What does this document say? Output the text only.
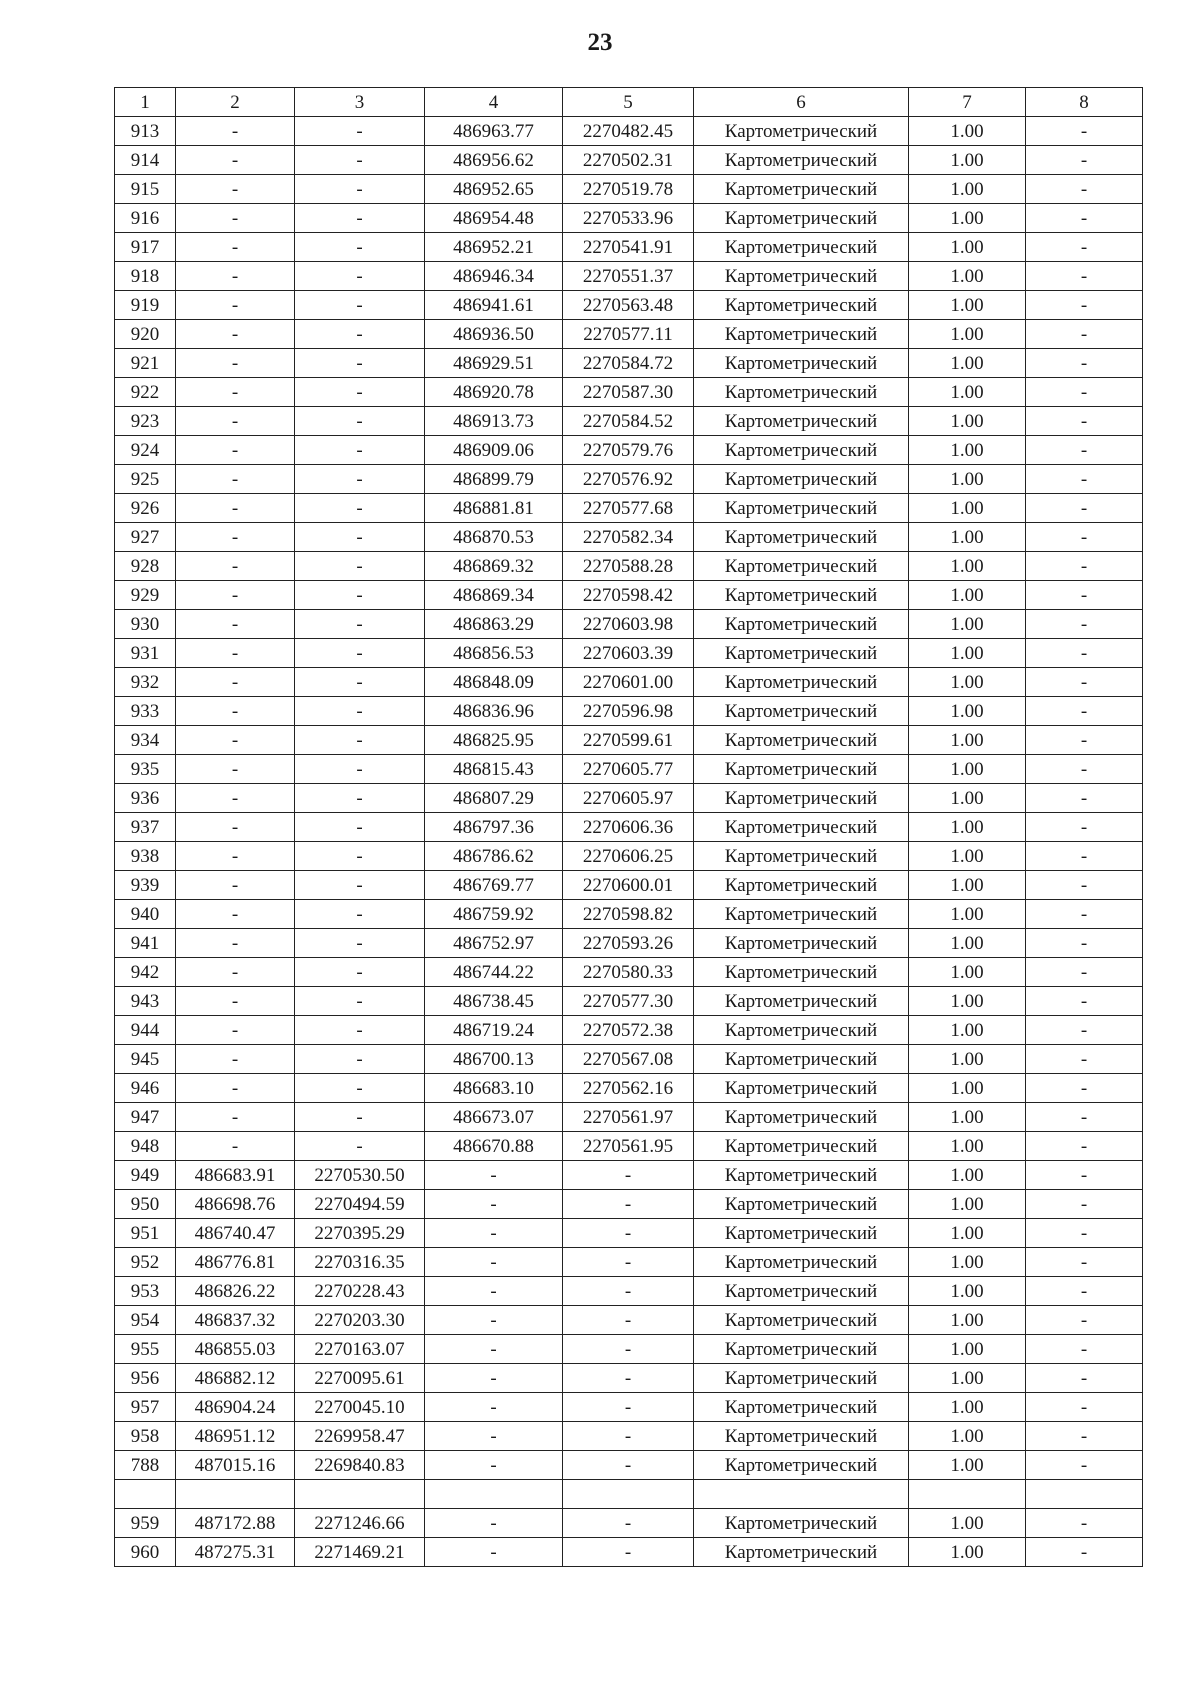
23
1	2	3	4	5	6	7	8
913	-	-	486963.77	2270482.45	Картометрический	1.00	-
914	-	-	486956.62	2270502.31	Картометрический	1.00	-
915	-	-	486952.65	2270519.78	Картометрический	1.00	-
916	-	-	486954.48	2270533.96	Картометрический	1.00	-
917	-	-	486952.21	2270541.91	Картометрический	1.00	-
918	-	-	486946.34	2270551.37	Картометрический	1.00	-
919	-	-	486941.61	2270563.48	Картометрический	1.00	-
920	-	-	486936.50	2270577.11	Картометрический	1.00	-
921	-	-	486929.51	2270584.72	Картометрический	1.00	-
922	-	-	486920.78	2270587.30	Картометрический	1.00	-
923	-	-	486913.73	2270584.52	Картометрический	1.00	-
924	-	-	486909.06	2270579.76	Картометрический	1.00	-
925	-	-	486899.79	2270576.92	Картометрический	1.00	-
926	-	-	486881.81	2270577.68	Картометрический	1.00	-
927	-	-	486870.53	2270582.34	Картометрический	1.00	-
928	-	-	486869.32	2270588.28	Картометрический	1.00	-
929	-	-	486869.34	2270598.42	Картометрический	1.00	-
930	-	-	486863.29	2270603.98	Картометрический	1.00	-
931	-	-	486856.53	2270603.39	Картометрический	1.00	-
932	-	-	486848.09	2270601.00	Картометрический	1.00	-
933	-	-	486836.96	2270596.98	Картометрический	1.00	-
934	-	-	486825.95	2270599.61	Картометрический	1.00	-
935	-	-	486815.43	2270605.77	Картометрический	1.00	-
936	-	-	486807.29	2270605.97	Картометрический	1.00	-
937	-	-	486797.36	2270606.36	Картометрический	1.00	-
938	-	-	486786.62	2270606.25	Картометрический	1.00	-
939	-	-	486769.77	2270600.01	Картометрический	1.00	-
940	-	-	486759.92	2270598.82	Картометрический	1.00	-
941	-	-	486752.97	2270593.26	Картометрический	1.00	-
942	-	-	486744.22	2270580.33	Картометрический	1.00	-
943	-	-	486738.45	2270577.30	Картометрический	1.00	-
944	-	-	486719.24	2270572.38	Картометрический	1.00	-
945	-	-	486700.13	2270567.08	Картометрический	1.00	-
946	-	-	486683.10	2270562.16	Картометрический	1.00	-
947	-	-	486673.07	2270561.97	Картометрический	1.00	-
948	-	-	486670.88	2270561.95	Картометрический	1.00	-
949	486683.91	2270530.50	-	-	Картометрический	1.00	-
950	486698.76	2270494.59	-	-	Картометрический	1.00	-
951	486740.47	2270395.29	-	-	Картометрический	1.00	-
952	486776.81	2270316.35	-	-	Картометрический	1.00	-
953	486826.22	2270228.43	-	-	Картометрический	1.00	-
954	486837.32	2270203.30	-	-	Картометрический	1.00	-
955	486855.03	2270163.07	-	-	Картометрический	1.00	-
956	486882.12	2270095.61	-	-	Картометрический	1.00	-
957	486904.24	2270045.10	-	-	Картометрический	1.00	-
958	486951.12	2269958.47	-	-	Картометрический	1.00	-
788	487015.16	2269840.83	-	-	Картометрический	1.00	-

959	487172.88	2271246.66	-	-	Картометрический	1.00	-
960	487275.31	2271469.21	-	-	Картометрический	1.00	-
